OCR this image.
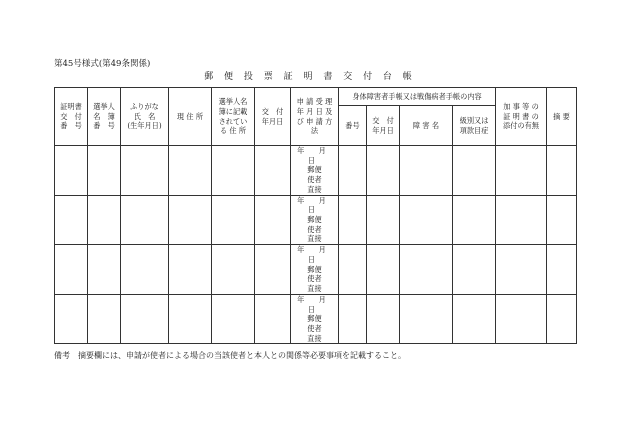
第45号様式(第49条関係)
郵 便 投 票 証 明 書 交 付 台 帳
証明書
交　付
番　号	選挙人
名　簿
番　号	ふりがな
氏　名
(生年月日)	現 住 所	選挙人名
簿に記載
されてい
る 住 所	交　付
年月日	申 請 受 理
年 月 日 及
び 申 請 方
法	身体障害者手帳又は戦傷病者手帳の内容				加 事 等 の
証 明 書 の
添付の有無	摘 要
							番号	交　付
年月日	障 害 名	級別又は
項款目症		

						年 月 日
郵便
使者
直接						

						年 月 日
郵便
使者
直接						

						年 月 日
郵便
使者
直接						

						年 月 日
郵便
使者
直接						

備考　摘要欄には、申請が使者による場合の当該使者と本人との関係等必要事項を記載すること。
